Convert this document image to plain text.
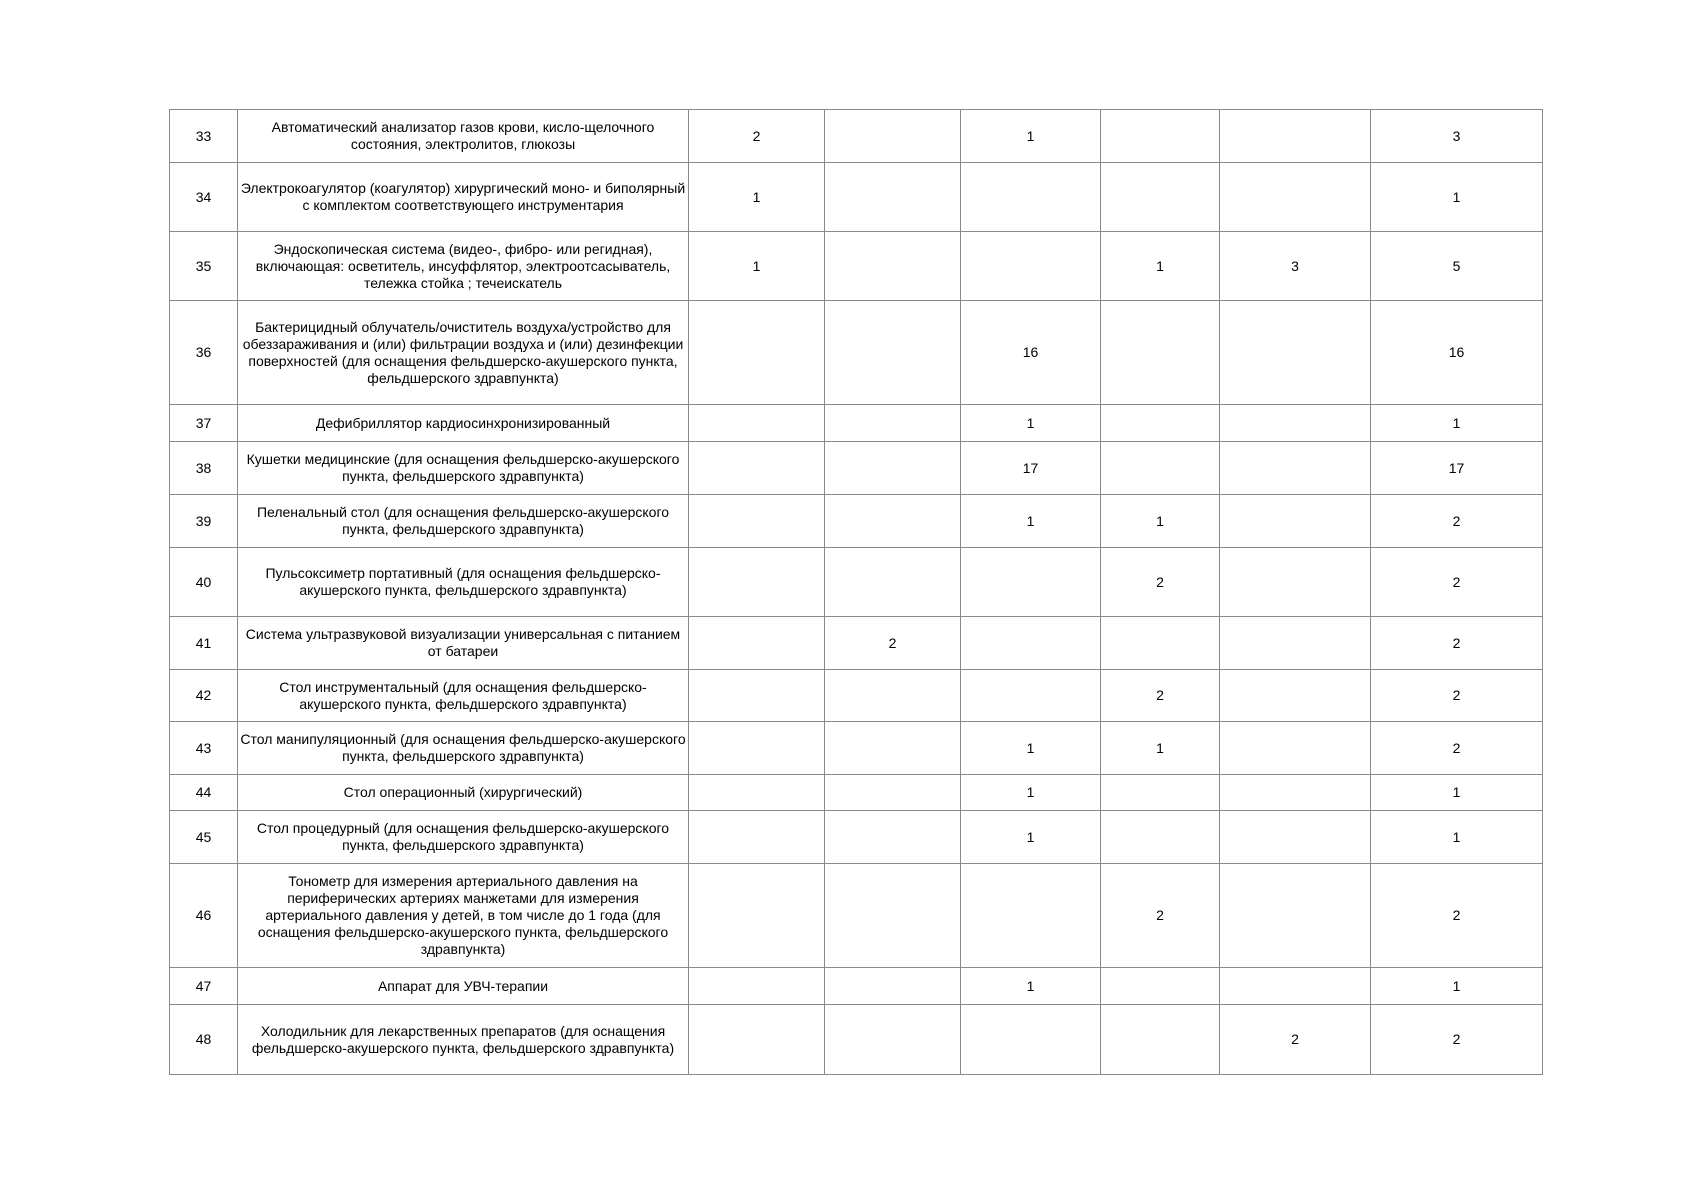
33	Автоматический анализатор газов крови, кисло-щелочного состояния, электролитов, глюкозы	2		1			3
34	Электрокоагулятор (коагулятор) хирургический моно- и биполярный с комплектом соответствующего инструментария	1					1
35	Эндоскопическая система (видео-, фибро- или регидная), включающая: осветитель, инсуффлятор, электроотсасыватель, тележка стойка ; течеискатель	1			1	3	5
36	Бактерицидный облучатель/очиститель воздуха/устройство для обеззараживания и (или) фильтрации воздуха и (или) дезинфекции поверхностей (для оснащения фельдшерско-акушерского пункта, фельдшерского здравпункта)			16			16
37	Дефибриллятор кардиосинхронизированный			1			1
38	Кушетки медицинские (для оснащения фельдшерско-акушерского пункта, фельдшерского здравпункта)			17			17
39	Пеленальный стол (для оснащения фельдшерско-акушерского пункта, фельдшерского здравпункта)			1	1		2
40	Пульсоксиметр портативный (для оснащения фельдшерско-акушерского пункта, фельдшерского здравпункта)				2		2
41	Система ультразвуковой визуализации универсальная с питанием от батареи		2				2
42	Стол инструментальный (для оснащения фельдшерско-акушерского пункта, фельдшерского здравпункта)				2		2
43	Стол манипуляционный (для оснащения фельдшерско-акушерского пункта, фельдшерского здравпункта)			1	1		2
44	Стол операционный (хирургический)			1			1
45	Стол процедурный (для оснащения фельдшерско-акушерского пункта, фельдшерского здравпункта)			1			1
46	Тонометр для измерения артериального давления на периферических артериях манжетами для измерения артериального давления у детей, в том числе до 1 года (для оснащения фельдшерско-акушерского пункта, фельдшерского здравпункта)				2		2
47	Аппарат для УВЧ-терапии			1			1
48	Холодильник для лекарственных препаратов (для оснащения фельдшерско-акушерского пункта, фельдшерского здравпункта)					2	2
